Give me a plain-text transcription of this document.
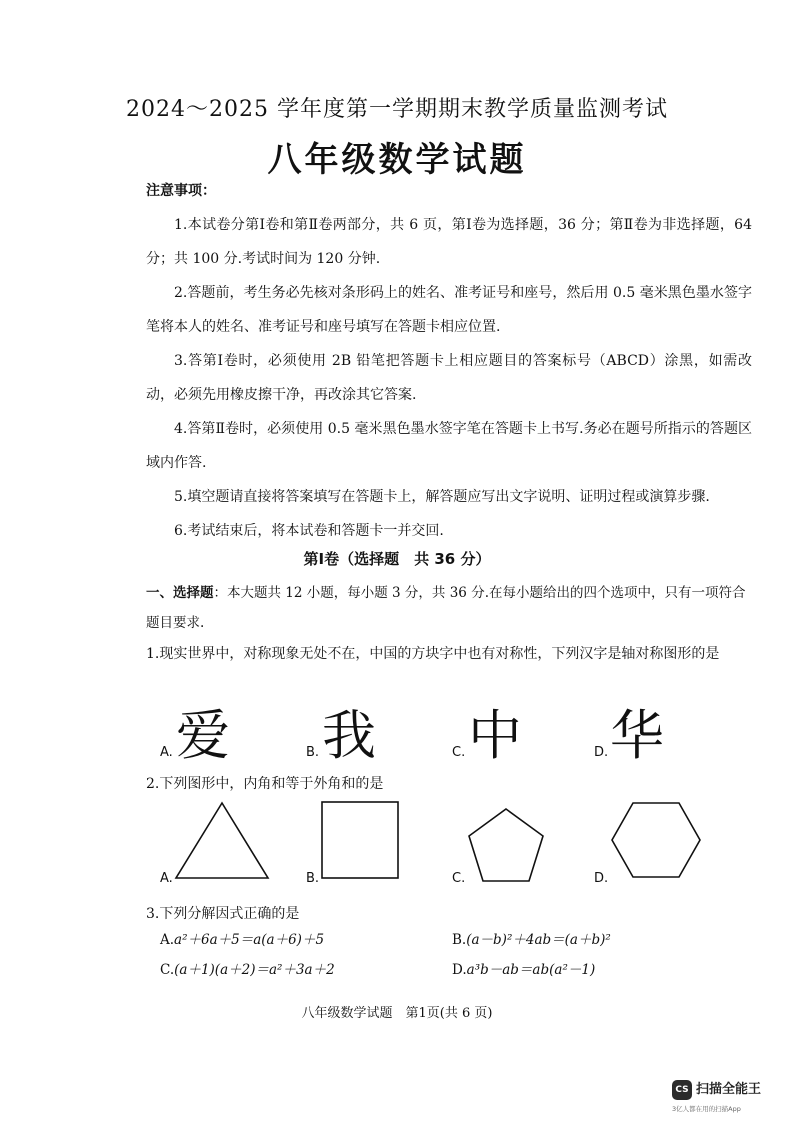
2024～2025 学年度第一学期期末教学质量监测考试
八年级数学试题
注意事项：

1.本试卷分第Ⅰ卷和第Ⅱ卷两部分，共 6 页，第Ⅰ卷为选择题，36 分；第Ⅱ卷为非选择题，64 分；共 100 分.考试时间为 120 分钟.

2.答题前，考生务必先核对条形码上的姓名、准考证号和座号，然后用 0.5 毫米黑色墨水签字笔将本人的姓名、准考证号和座号填写在答题卡相应位置.

3.答第Ⅰ卷时，必须使用 2B 铅笔把答题卡上相应题目的答案标号（ABCD）涂黑，如需改动，必须先用橡皮擦干净，再改涂其它答案.

4.答第Ⅱ卷时，必须使用 0.5 毫米黑色墨水签字笔在答题卡上书写.务必在题号所指示的答题区域内作答.

5.填空题请直接将答案填写在答题卡上，解答题应写出文字说明、证明过程或演算步骤.

6.考试结束后，将本试卷和答题卡一并交回.

第Ⅰ卷（选择题　共 36 分）

一、选择题：本大题共 12 小题，每小题 3 分，共 36 分.在每小题给出的四个选项中，只有一项符合题目要求.

1.现实世界中，对称现象无处不在，中国的方块字中也有对称性，下列汉字是轴对称图形的是

A. 爱	B. 我	C. 中	D. 华

2.下列图形中，内角和等于外角和的是

A.	B.	C.	D.

3.下列分解因式正确的是

A.a²＋6a＋5＝a(a＋6)＋5	B.(a－b)²＋4ab＝(a＋b)²
C.(a＋1)(a＋2)＝a²＋3a＋2	D.a³b－ab＝ab(a²－1)
八年级数学试题　第1页(共 6 页)
CS 扫描全能王
3亿人都在用的扫描App
